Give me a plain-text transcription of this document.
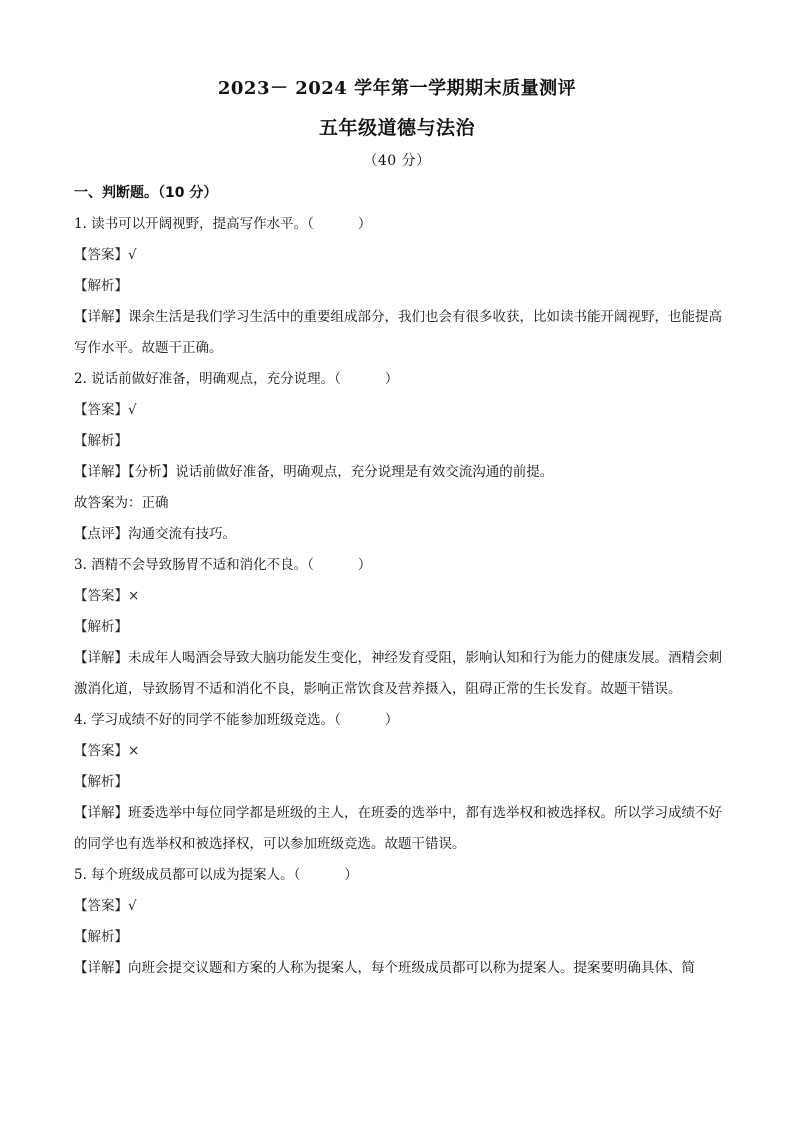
2023－ 2024 学年第一学期期末质量测评
五年级道德与法治
（40 分）
一、判断题。（10 分）
1. 读书可以开阔视野，提高写作水平。（	）
【答案】√
【解析】
【详解】课余生活是我们学习生活中的重要组成部分，我们也会有很多收获，比如读书能开阔视野，也能提高写作水平。故题干正确。
2. 说话前做好准备，明确观点，充分说理。（	）
【答案】√
【解析】
【详解】【分析】说话前做好准备，明确观点，充分说理是有效交流沟通的前提。
故答案为：正确
【点评】沟通交流有技巧。
3. 酒精不会导致肠胃不适和消化不良。（	）
【答案】×
【解析】
【详解】未成年人喝酒会导致大脑功能发生变化，神经发育受阻，影响认知和行为能力的健康发展。酒精会刺激消化道，导致肠胃不适和消化不良，影响正常饮食及营养摄入，阻碍正常的生长发育。故题干错误。
4. 学习成绩不好的同学不能参加班级竞选。（	）
【答案】×
【解析】
【详解】班委选举中每位同学都是班级的主人，在班委的选举中，都有选举权和被选择权。所以学习成绩不好的同学也有选举权和被选择权，可以参加班级竞选。故题干错误。
5. 每个班级成员都可以成为提案人。（	）
【答案】√
【解析】
【详解】向班会提交议题和方案的人称为提案人，每个班级成员都可以称为提案人。提案要明确具体、简
